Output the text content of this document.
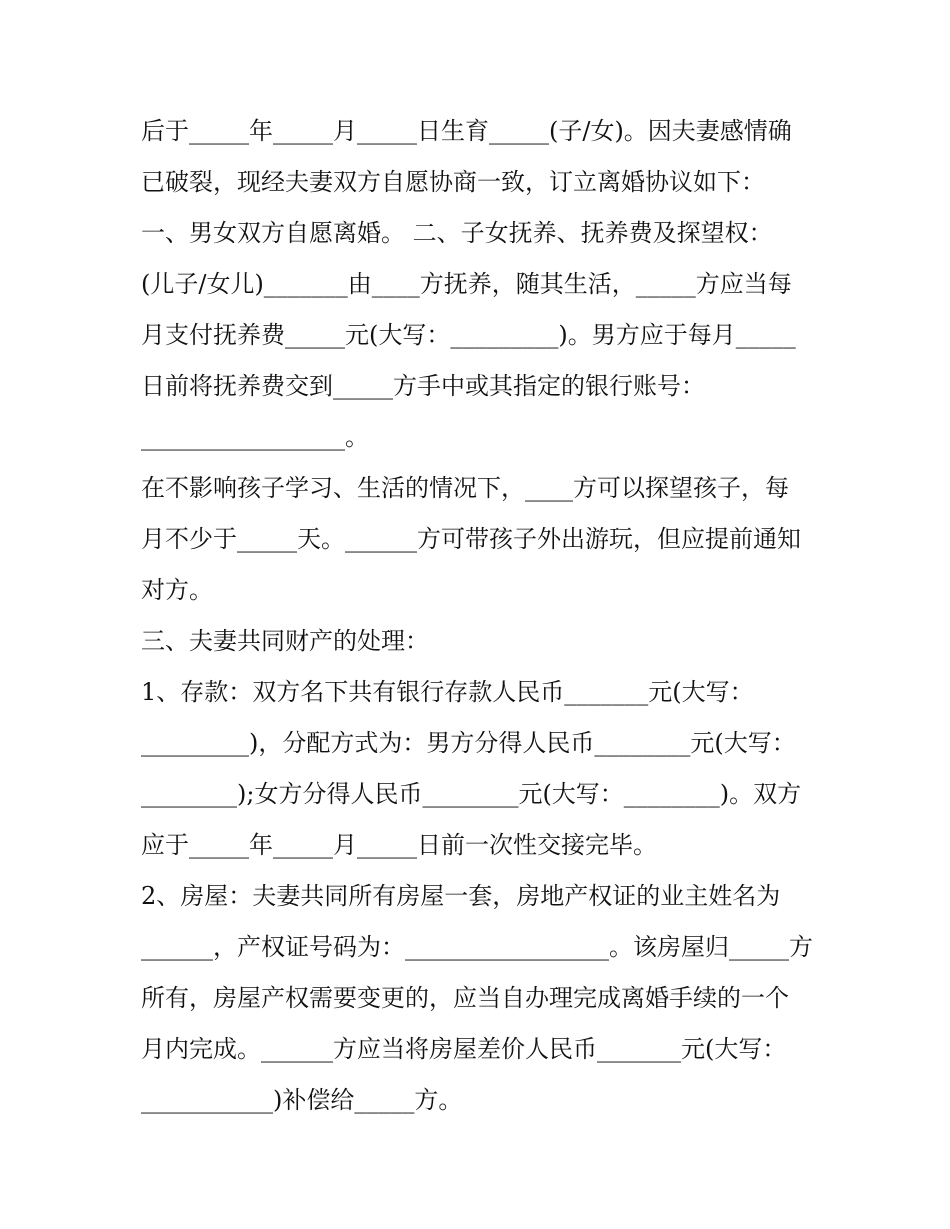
后于_____年_____月_____日生育_____(子/女)。因夫妻感情确
已破裂，现经夫妻双方自愿协商一致，订立离婚协议如下：
一、男女双方自愿离婚。 二、子女抚养、抚养费及探望权：
(儿子/女儿)_______由____方抚养，随其生活，_____方应当每
月支付抚养费_____元(大写：_________)。男方应于每月_____
日前将抚养费交到_____方手中或其指定的银行账号：
_________________。
在不影响孩子学习、生活的情况下，____方可以探望孩子，每
月不少于_____天。______方可带孩子外出游玩，但应提前通知
对方。
三、夫妻共同财产的处理：
1、存款：双方名下共有银行存款人民币_______元(大写：
_________)，分配方式为：男方分得人民币________元(大写：
________);女方分得人民币________元(大写：________)。双方
应于_____年_____月_____日前一次性交接完毕。
2、房屋：夫妻共同所有房屋一套，房地产权证的业主姓名为
______，产权证号码为：_________________。该房屋归_____方
所有，房屋产权需要变更的，应当自办理完成离婚手续的一个
月内完成。______方应当将房屋差价人民币_______元(大写：
___________)补偿给_____方。
